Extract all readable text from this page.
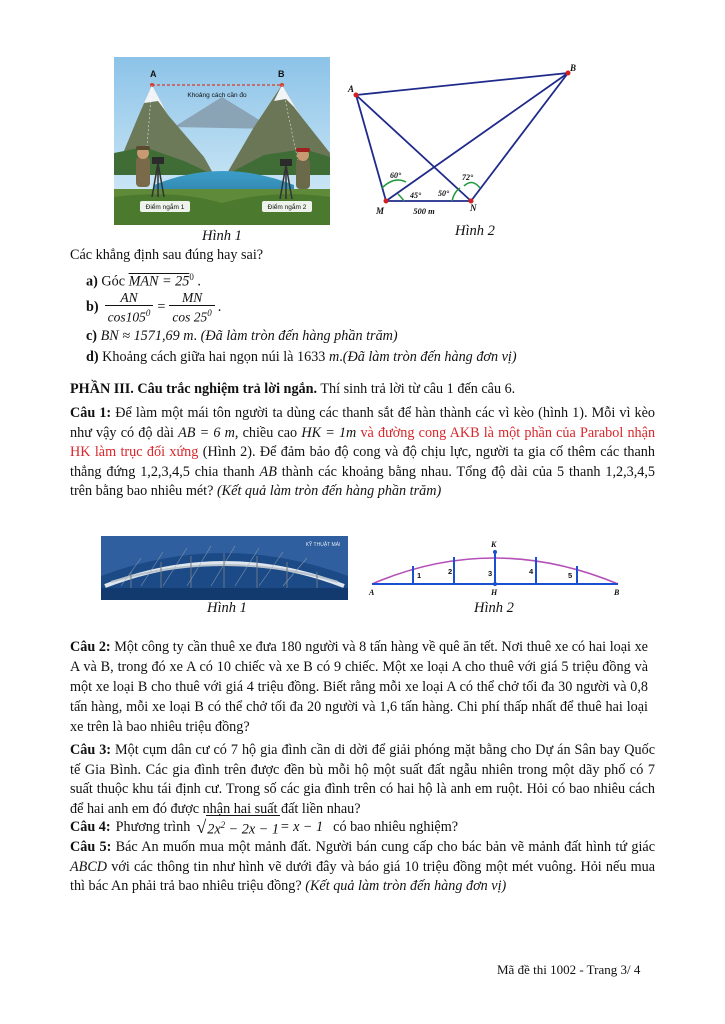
A	B
Khoảng cách cần đo
Điểm ngắm 1	Điểm ngắm 2
Hình 1
A
B
M	N
60°
45° 50°
72°
500 m
Hình 2
Các khẳng định sau đúng hay sai?
a) Góc MAN = $25^0$ .
$b) \frac{AN}{\cos 105^0} = \frac{MN}{\cos 25^0}$ .
c) BN ≈ 1571,69 m. (Đã làm tròn đến hàng phần trăm)
d) Khoảng cách giữa hai ngọn núi là 1633 m.(Đã làm tròn đến hàng đơn vị)
PHẦN III. Câu trắc nghiệm trả lời ngắn. Thí sinh trả lời từ câu 1 đến câu 6.
Câu 1: Để làm một mái tôn người ta dùng các thanh sắt để hàn thành các vì kèo (hình 1). Mỗi vì kèo như vậy có độ dài AB = 6 m, chiều cao HK = 1m và đường cong AKB là một phần của Parabol nhận HK làm trục đối xứng (Hình 2). Để đảm bảo độ cong và độ chịu lực, người ta gia cố thêm các thanh thẳng đứng 1,2,3,4,5 chia thanh AB thành các khoảng bằng nhau. Tổng độ dài của 5 thanh 1,2,3,4,5 trên bằng bao nhiêu mét? (Kết quả làm tròn đến hàng phần trăm)
KỸ THUẬT MÁI
Hình 1
1	2	3	4	5
K
H
A	B
Hình 2
Câu 2: Một công ty cần thuê xe đưa 180 người và 8 tấn hàng về quê ăn tết. Nơi thuê xe có hai loại xe A và B, trong đó xe A có 10 chiếc và xe B có 9 chiếc. Một xe loại A cho thuê với giá 5 triệu đồng và một xe loại B cho thuê với giá 4 triệu đồng. Biết rằng mỗi xe loại A có thể chở tối đa 30 người và 0,8 tấn hàng, mỗi xe loại B có thể chở tối đa 20 người và 1,6 tấn hàng. Chi phí thấp nhất để thuê hai loại xe trên là bao nhiêu triệu đồng?
Câu 3: Một cụm dân cư có 7 hộ gia đình cần di dời để giải phóng mặt bằng cho Dự án Sân bay Quốc tế Gia Bình. Các gia đình trên được đền bù mỗi hộ một suất đất ngẫu nhiên trong một dãy phố có 7 suất thuộc khu tái định cư. Trong số các gia đình trên có hai hộ là anh em ruột. Hỏi có bao nhiêu cách để hai anh em đó được nhận hai suất đất liền nhau?
Câu 4: Phương trình √ $2x^2 - 2x - 1 = x - 1$ có bao nhiêu nghiệm?
Câu 5: Bác An muốn mua một mảnh đất. Người bán cung cấp cho bác bản vẽ mảnh đất hình tứ giác ABCD với các thông tin như hình vẽ dưới đây và báo giá 10 triệu đồng một mét vuông. Hỏi nếu mua thì bác An phải trả bao nhiêu triệu đồng? (Kết quả làm tròn đến hàng đơn vị)
Mã đề thi 1002 - Trang 3/ 4
